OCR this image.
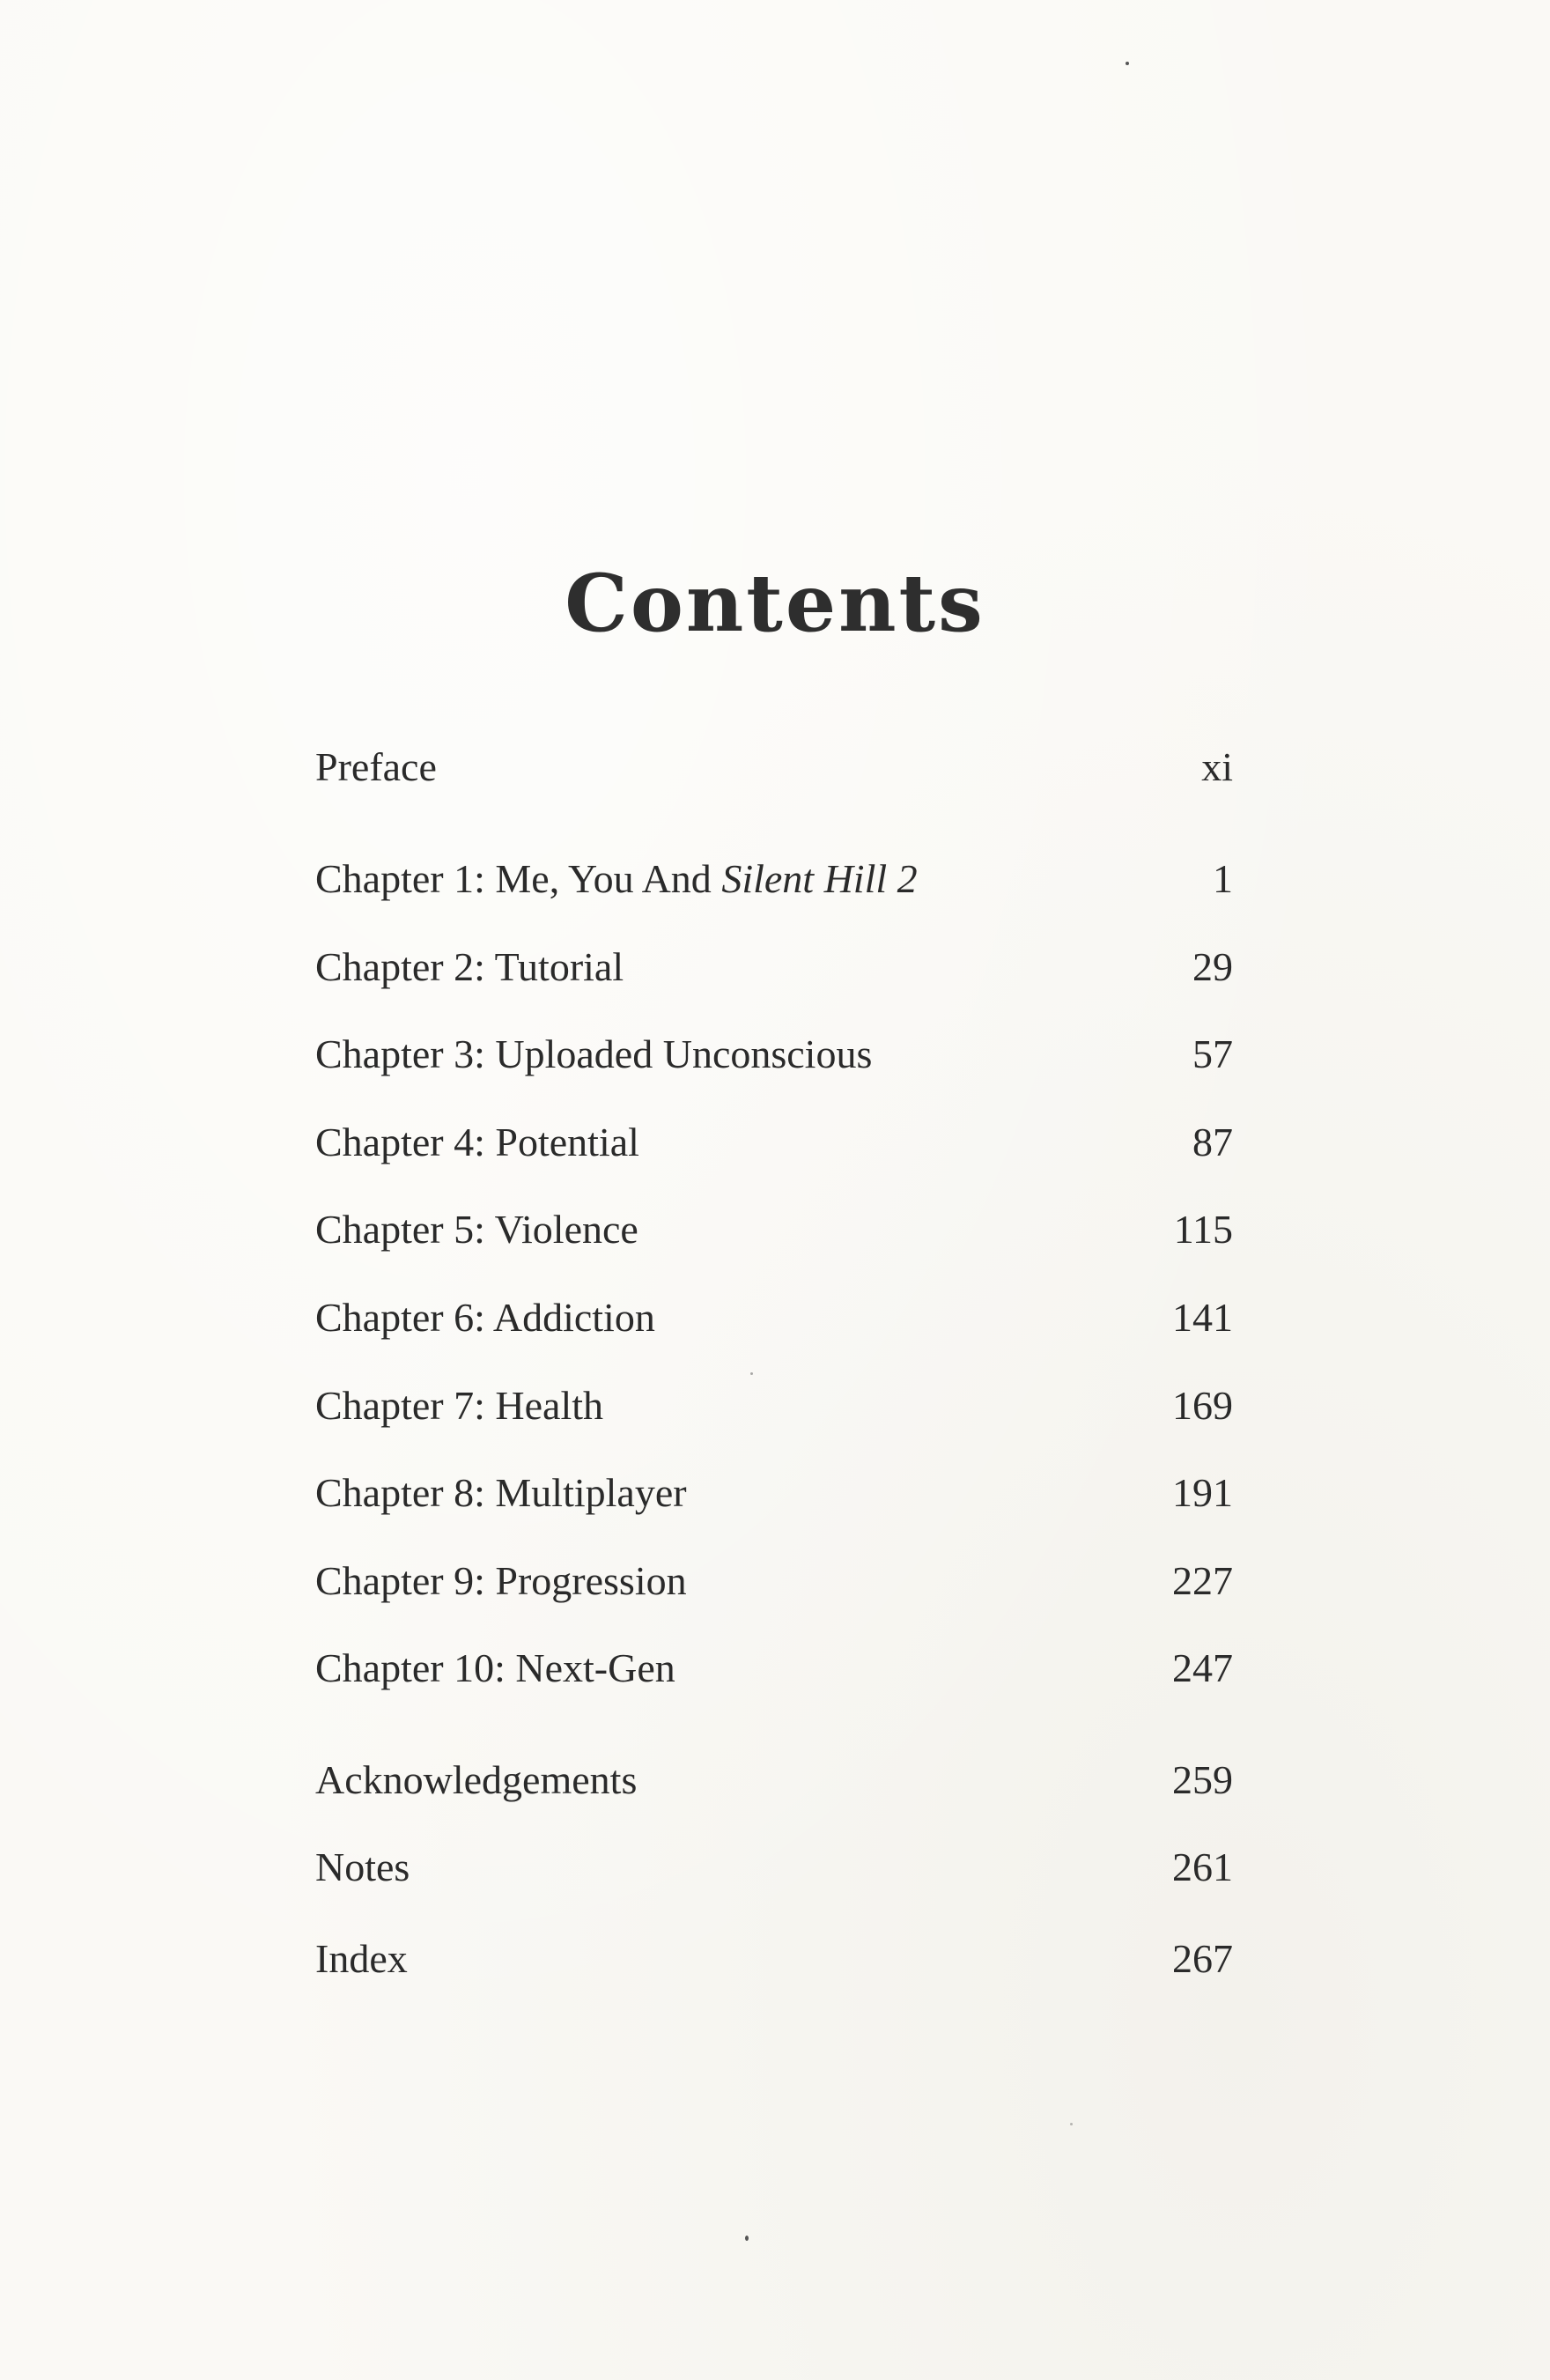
Contents
Preface	xi
Chapter 1: Me, You And Silent Hill 2	1
Chapter 2: Tutorial	29
Chapter 3: Uploaded Unconscious	57
Chapter 4: Potential	87
Chapter 5: Violence	115
Chapter 6: Addiction	141
Chapter 7: Health	169
Chapter 8: Multiplayer	191
Chapter 9: Progression	227
Chapter 10: Next-Gen	247
Acknowledgements	259
Notes	261
Index	267
